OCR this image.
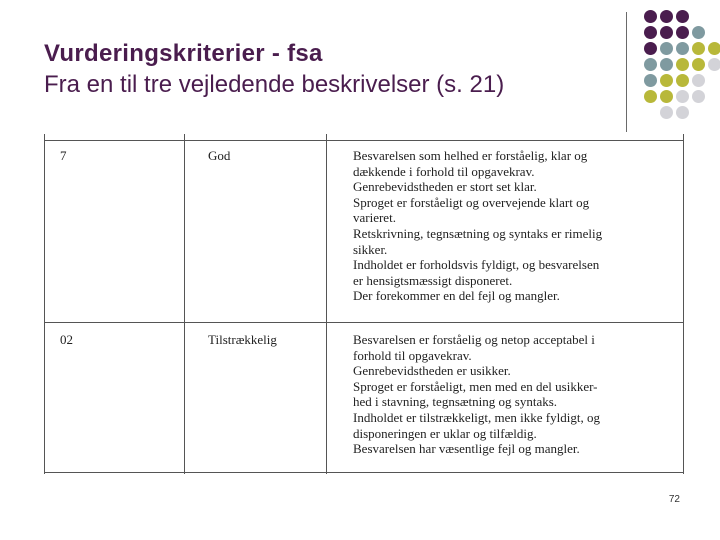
Vurderingskriterier - fsa
Fra en til tre vejledende beskrivelser (s. 21)
7	God	Besvarelsen som helhed er forståelig, klar og
dækkende i forhold til opgavekrav.
Genrebevidstheden er stort set klar.
Sproget er forståeligt og overvejende klart og
varieret.
Retskrivning, tegnsætning og syntaks er rimelig
sikker.
Indholdet er forholdsvis fyldigt, og besvarelsen
er hensigtsmæssigt disponeret.
Der forekommer en del fejl og mangler.
02	Tilstrækkelig	Besvarelsen er forståelig og netop acceptabel i
forhold til opgavekrav.
Genrebevidstheden er usikker.
Sproget er forståeligt, men med en del usikker-
hed i stavning, tegnsætning og syntaks.
Indholdet er tilstrækkeligt, men ikke fyldigt, og
disponeringen er uklar og tilfældig.
Besvarelsen har væsentlige fejl og mangler.
72
